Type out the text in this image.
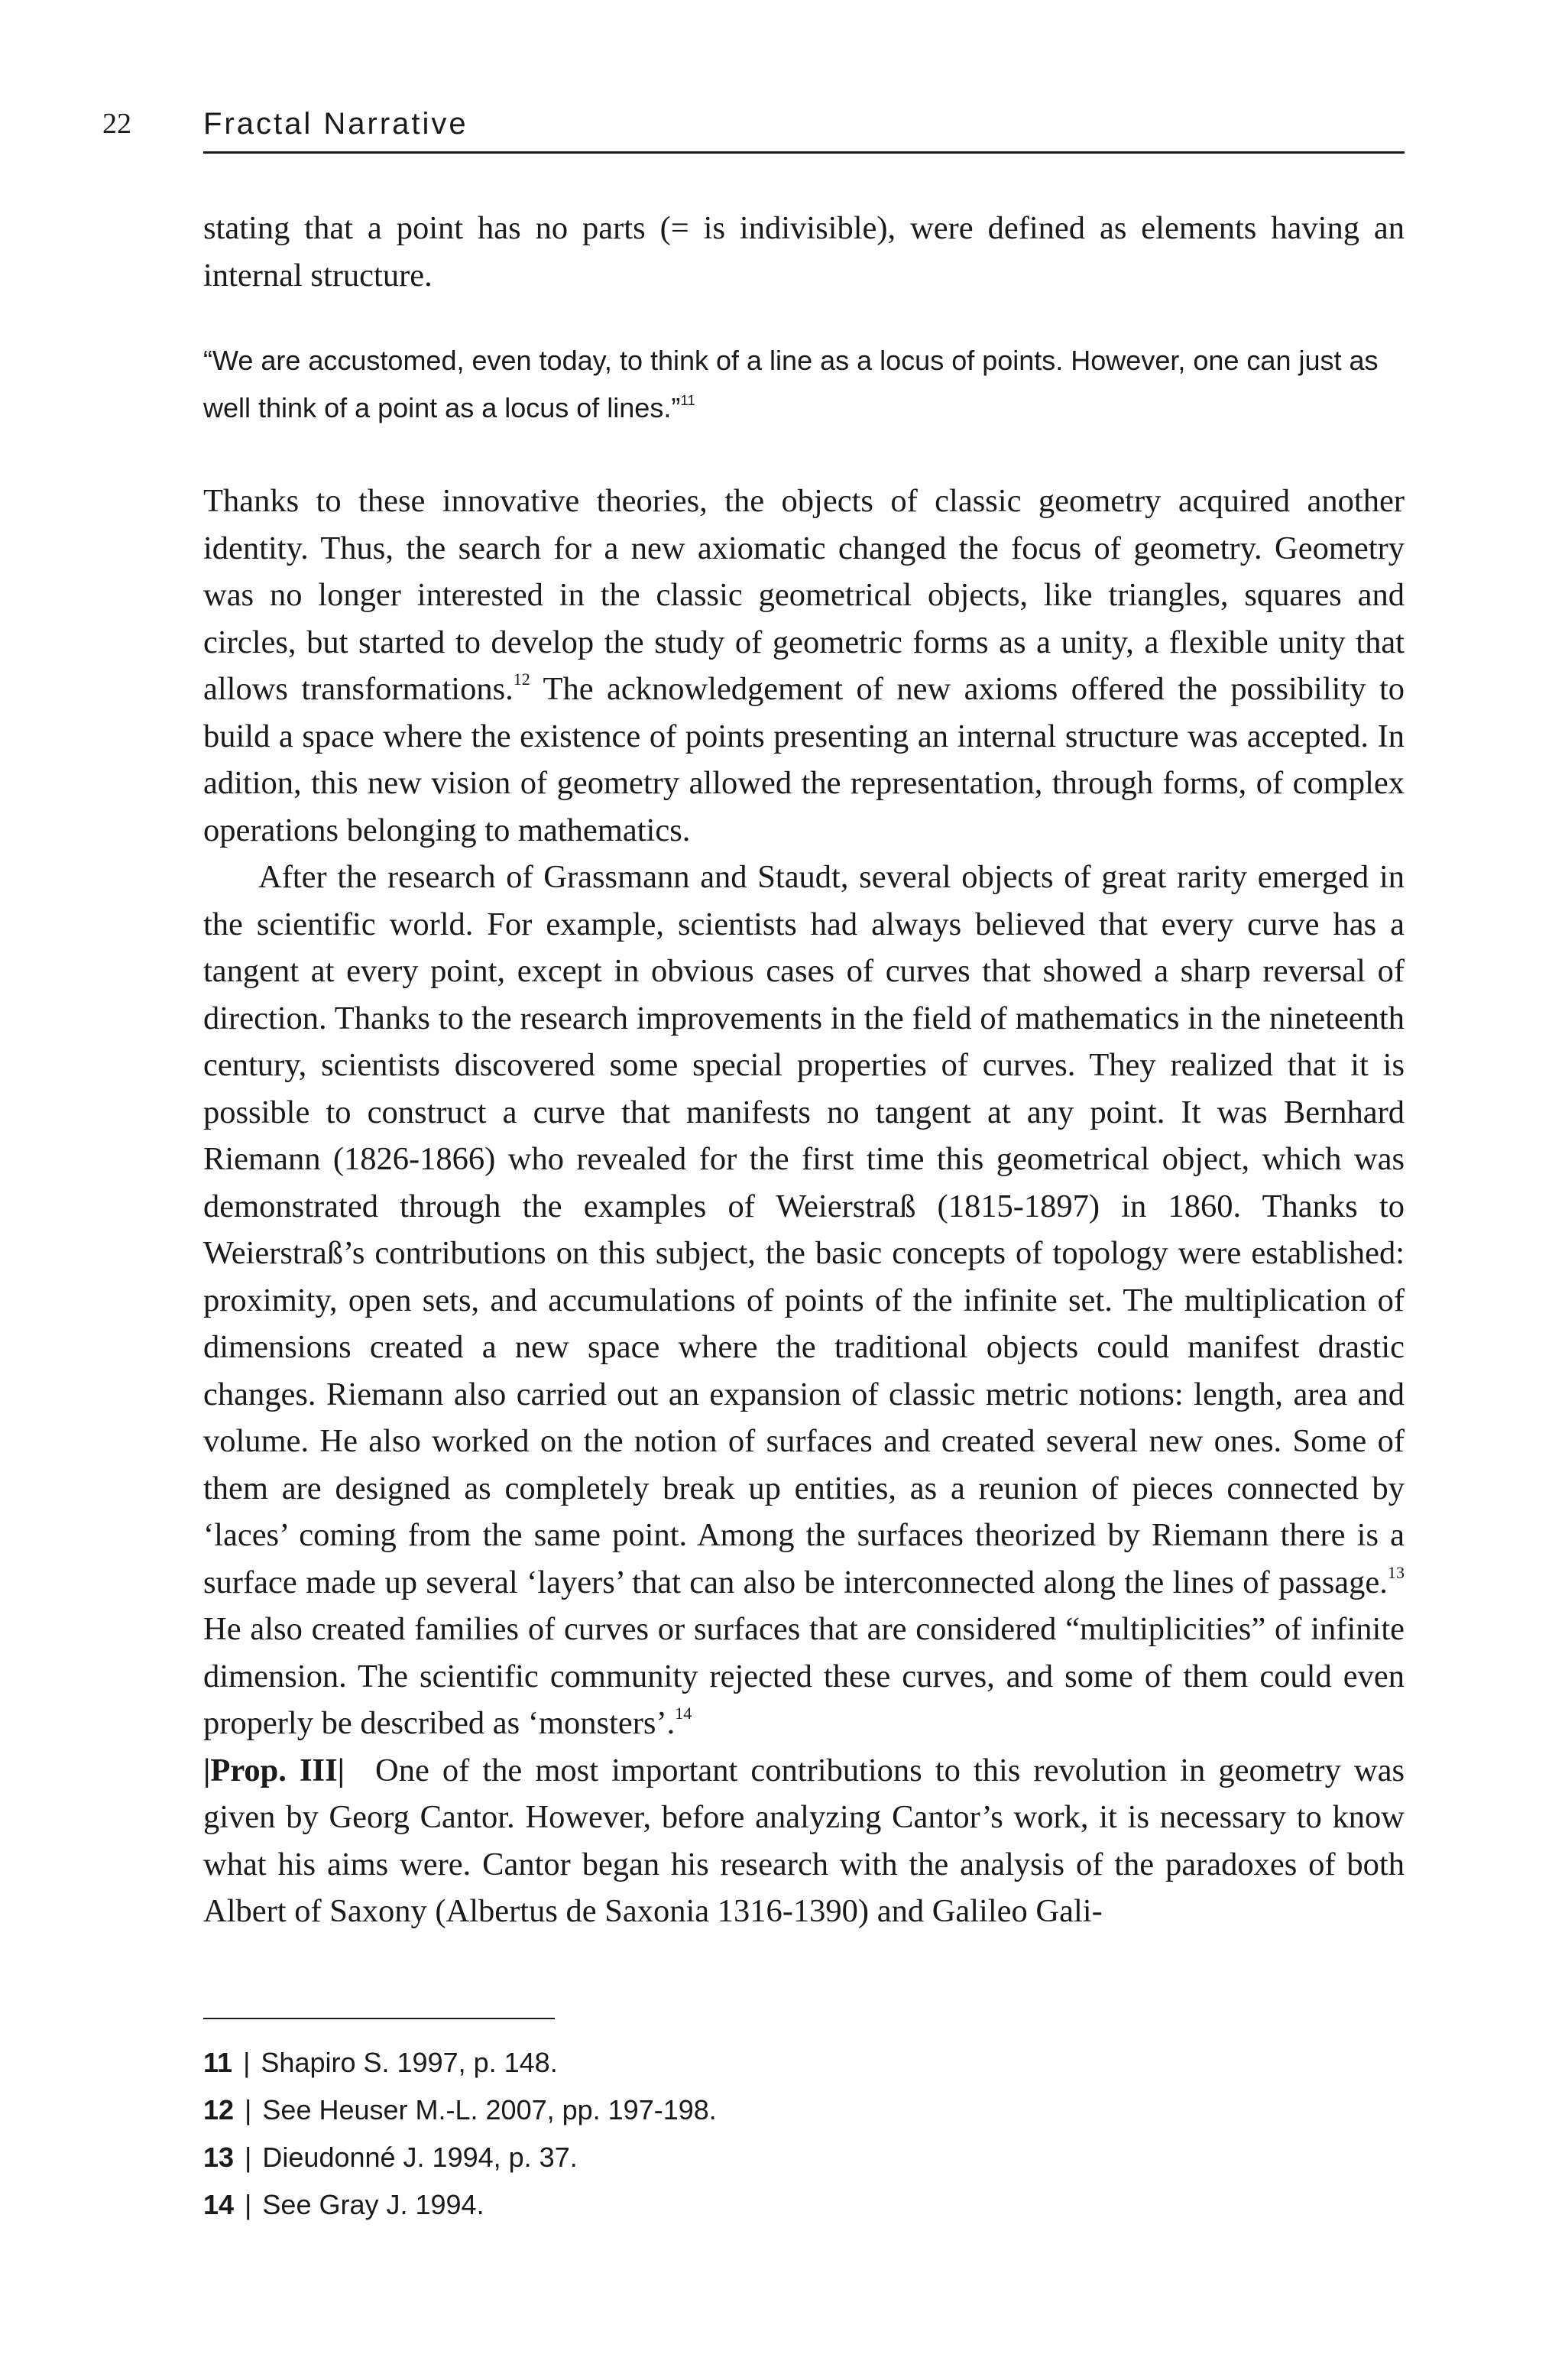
22 Fractal Narrative

stating that a point has no parts (= is indivisible), were defined as elements having an internal structure.

“We are accustomed, even today, to think of a line as a locus of points. However, one can just as well think of a point as a locus of lines.”$^{11}$

Thanks to these innovative theories, the objects of classic geometry acquired another identity. Thus, the search for a new axiomatic changed the focus of geometry. Geometry was no longer interested in the classic geometrical objects, like triangles, squares and circles, but started to develop the study of geometric forms as a unity, a flexible unity that allows transformations.$^{12}$ The acknowledgement of new axioms offered the possibility to build a space where the existence of points presenting an internal structure was accepted. In adition, this new vision of geometry allowed the representation, through forms, of complex operations belonging to mathematics.

After the research of Grassmann and Staudt, several objects of great rarity emerged in the scientific world. For example, scientists had always believed that every curve has a tangent at every point, except in obvious cases of curves that showed a sharp reversal of direction. Thanks to the research improvements in the field of mathematics in the nineteenth century, scientists discovered some special properties of curves. They realized that it is possible to construct a curve that manifests no tangent at any point. It was Bernhard Riemann (1826-1866) who revealed for the first time this geometrical object, which was demonstrated through the examples of Weierstraß (1815-1897) in 1860. Thanks to Weierstraß’s contributions on this subject, the basic concepts of topology were established: proximity, open sets, and accumulations of points of the infinite set. The multiplication of dimensions created a new space where the traditional objects could manifest drastic changes. Riemann also carried out an expansion of classic metric notions: length, area and volume. He also worked on the notion of surfaces and created several new ones. Some of them are designed as completely break up entities, as a reunion of pieces connected by ‘laces’ coming from the same point. Among the surfaces theorized by Riemann there is a surface made up several ‘layers’ that can also be interconnected along the lines of passage.$^{13}$ He also created families of curves or surfaces that are considered “multiplicities” of infinite dimension. The scientific community rejected these curves, and some of them could even properly be described as ‘monsters’.$^{14}$

|Prop. III| One of the most important contributions to this revolution in geometry was given by Georg Cantor. However, before analyzing Cantor’s work, it is necessary to know what his aims were. Cantor began his research with the analysis of the paradoxes of both Albert of Saxony (Albertus de Saxonia 1316-1390) and Galileo Gali-

11 | Shapiro S. 1997, p. 148.
12 | See Heuser M.-L. 2007, pp. 197-198.
13 | Dieudonné J. 1994, p. 37.
14 | See Gray J. 1994.
